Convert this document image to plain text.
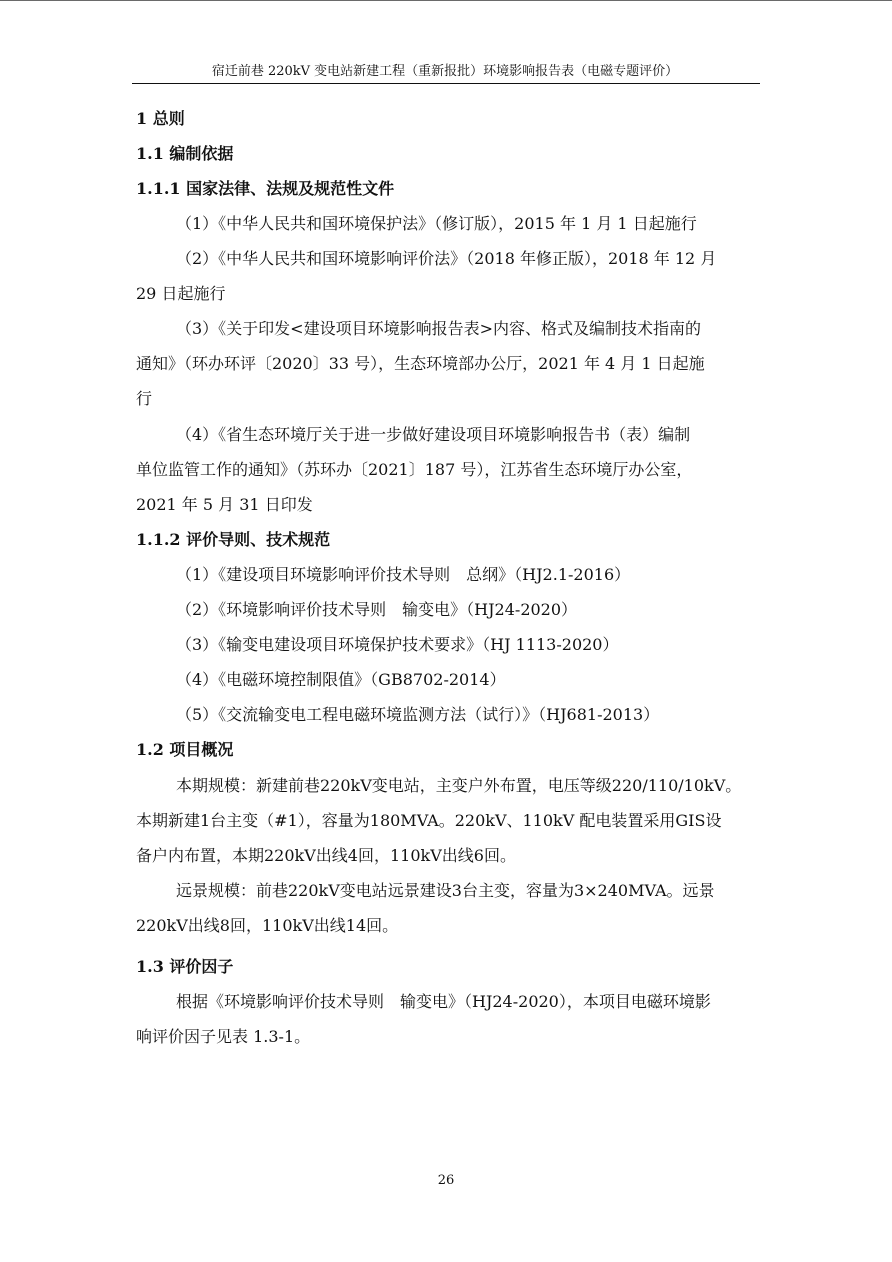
宿迁前巷 220kV 变电站新建工程（重新报批）环境影响报告表（电磁专题评价）
1 总则
1.1 编制依据
1.1.1 国家法律、法规及规范性文件
（1）《中华人民共和国环境保护法》（修订版），2015 年 1 月 1 日起施行
（2）《中华人民共和国环境影响评价法》（2018 年修正版），2018 年 12 月
29 日起施行
（3）《关于印发<建设项目环境影响报告表>内容、格式及编制技术指南的
通知》（环办环评〔2020〕33 号），生态环境部办公厅，2021 年 4 月 1 日起施
行
（4）《省生态环境厅关于进一步做好建设项目环境影响报告书（表）编制
单位监管工作的通知》（苏环办〔2021〕187 号），江苏省生态环境厅办公室，
2021 年 5 月 31 日印发
1.1.2 评价导则、技术规范
（1）《建设项目环境影响评价技术导则　总纲》（HJ2.1-2016）
（2）《环境影响评价技术导则　输变电》（HJ24-2020）
（3）《输变电建设项目环境保护技术要求》（HJ 1113-2020）
（4）《电磁环境控制限值》（GB8702-2014）
（5）《交流输变电工程电磁环境监测方法（试行）》（HJ681-2013）
1.2 项目概况
本期规模：新建前巷220kV变电站，主变户外布置，电压等级220/110/10kV。
本期新建1台主变（#1），容量为180MVA。220kV、110kV 配电装置采用GIS设
备户内布置，本期220kV出线4回，110kV出线6回。
远景规模：前巷220kV变电站远景建设3台主变，容量为3×240MVA。远景
220kV出线8回，110kV出线14回。
1.3 评价因子
根据《环境影响评价技术导则　输变电》（HJ24-2020），本项目电磁环境影
响评价因子见表 1.3-1。
26
